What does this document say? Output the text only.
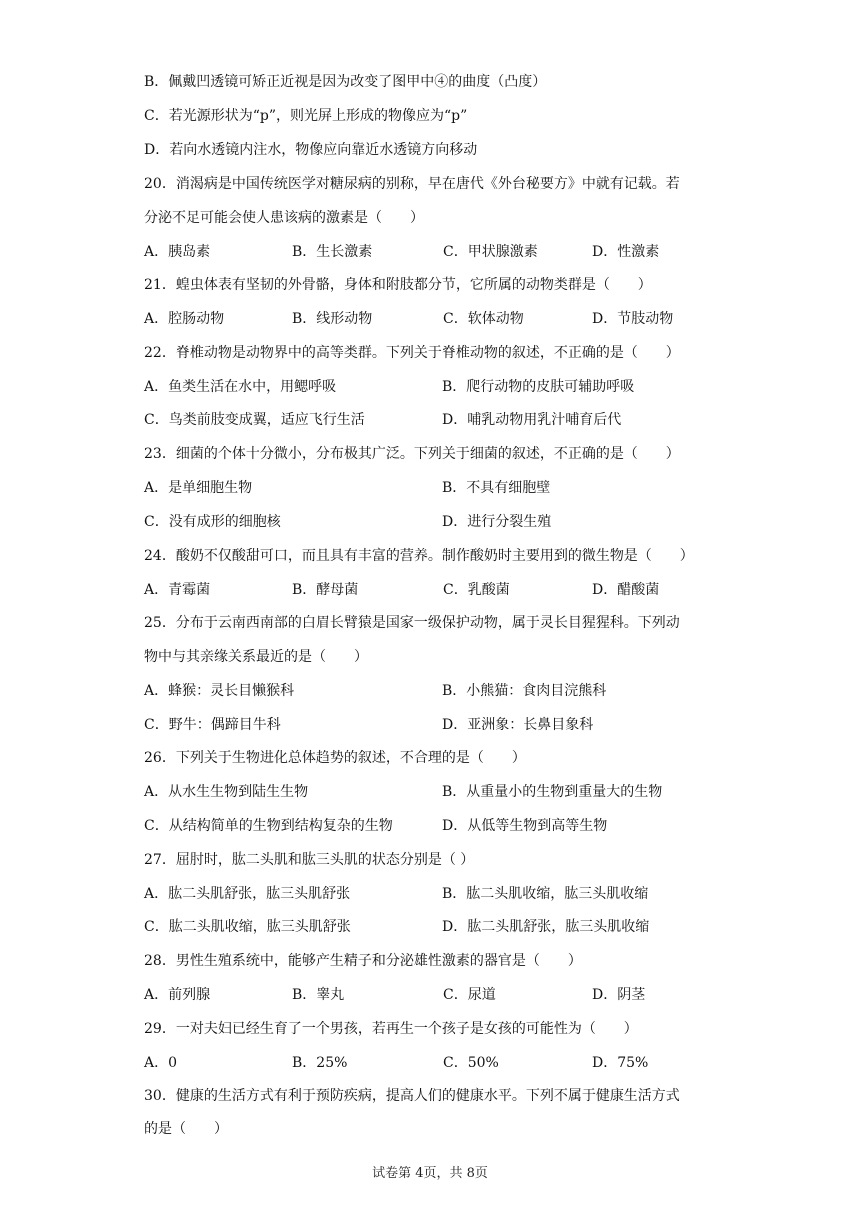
B．佩戴凹透镜可矫正近视是因为改变了图甲中④的曲度（凸度）
C．若光源形状为“p”，则光屏上形成的物像应为“p”
D．若向水透镜内注水，物像应向靠近水透镜方向移动
20．消渴病是中国传统医学对糖尿病的别称，早在唐代《外台秘要方》中就有记载。若
分泌不足可能会使人患该病的激素是（　　）
A．胰岛素	B．生长激素	C．甲状腺激素	D．性激素
21．蝗虫体表有坚韧的外骨骼，身体和附肢都分节，它所属的动物类群是（　　）
A．腔肠动物	B．线形动物	C．软体动物	D．节肢动物
22．脊椎动物是动物界中的高等类群。下列关于脊椎动物的叙述，不正确的是（　　）
A．鱼类生活在水中，用鳃呼吸	B．爬行动物的皮肤可辅助呼吸
C．鸟类前肢变成翼，适应飞行生活	D．哺乳动物用乳汁哺育后代
23．细菌的个体十分微小，分布极其广泛。下列关于细菌的叙述，不正确的是（　　）
A．是单细胞生物	B．不具有细胞壁
C．没有成形的细胞核	D．进行分裂生殖
24．酸奶不仅酸甜可口，而且具有丰富的营养。制作酸奶时主要用到的微生物是（　　）
A．青霉菌	B．酵母菌	C．乳酸菌	D．醋酸菌
25．分布于云南西南部的白眉长臂猿是国家一级保护动物，属于灵长目猩猩科。下列动
物中与其亲缘关系最近的是（　　）
A．蜂猴：灵长目懒猴科	B．小熊猫：食肉目浣熊科
C．野牛：偶蹄目牛科	D．亚洲象：长鼻目象科
26．下列关于生物进化总体趋势的叙述，不合理的是（　　）
A．从水生生物到陆生生物	B．从重量小的生物到重量大的生物
C．从结构简单的生物到结构复杂的生物	D．从低等生物到高等生物
27．屈肘时，肱二头肌和肱三头肌的状态分别是（ ）
A．肱二头肌舒张，肱三头肌舒张	B．肱二头肌收缩，肱三头肌收缩
C．肱二头肌收缩，肱三头肌舒张	D．肱二头肌舒张，肱三头肌收缩
28．男性生殖系统中，能够产生精子和分泌雄性激素的器官是（　　）
A．前列腺	B．睾丸	C．尿道	D．阴茎
29．一对夫妇已经生育了一个男孩，若再生一个孩子是女孩的可能性为（　　）
A．0	B．25%	C．50%	D．75%
30．健康的生活方式有利于预防疾病，提高人们的健康水平。下列不属于健康生活方式
的是（　　）
试卷第 4页，共 8页
